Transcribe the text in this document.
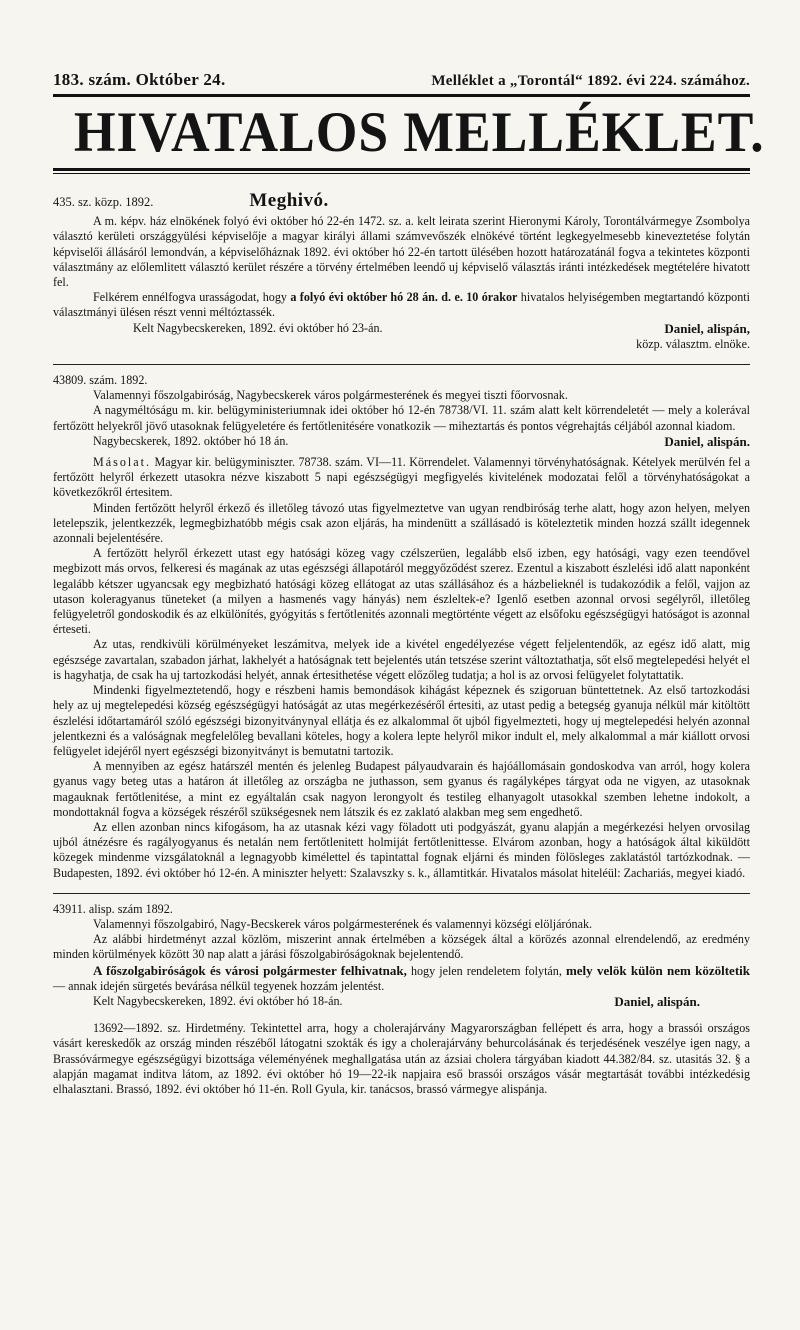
183. szám. Október 24.	Melléklet a „Torontál“ 1892. évi 224. számához.
HIVATALOS MELLÉKLET.
435. sz. közp. 1892.	Meghivó.

A m. képv. ház elnökének folyó évi október hó 22-én 1472. sz. a. kelt leirata szerint Hieronymi Károly, Torontálvármegye Zsombolya választó kerületi országgyülési képviselője a magyar királyi állami számvevőszék elnökévé történt legkegyelmesebb kineveztetése folytán képviselői állásáról lemondván, a képviselőháznak 1892. évi október hó 22-én tartott ülésében hozott határozatánál fogva a tekintetes központi választmány az előlemlitett választó kerület részére a törvény értelmében leendő uj képviselő választás iránti intézkedések megtételére hivatott fel.

Felkérem ennélfogva urasságodat, hogy a folyó évi október hó 28 án. d. e. 10 órakor hivatalos helyiségemben megtartandó központi választmányi ülésen részt venni méltóztassék.

Kelt Nagybecskereken, 1892. évi október hó 23-án.	Daniel, alispán,
közp. választm. elnöke.

43809. szám. 1892.

Valamennyi főszolgabiróság, Nagybecskerek város polgármesterének és megyei tiszti főorvosnak.

A nagyméltóságu m. kir. belügyministeriumnak idei október hó 12-én 78738/VI. 11. szám alatt kelt körrendeletét — mely a kolerával fertőzött helyekről jövő utasoknak felügyeletére és fertőtlenitésére vonatkozik — miheztartás és pontos végrehajtás céljából azonnal kiadom.

Nagybecskerek, 1892. október hó 18 án.	Daniel, alispán.

Másolat. Magyar kir. belügyminiszter. 78738. szám. VI—11. Körrendelet. Valamennyi törvényhatóságnak. Kételyek merülvén fel a fertőzött helyről érkezett utasokra nézve kiszabott 5 napi egészségügyi megfigyelés kivitelének modozatai felől a törvényhatóságokat a következőkről értesitem.

Minden fertőzött helyről érkező és illetőleg távozó utas figyelmeztetve van ugyan rendbiróság terhe alatt, hogy azon helyen, melyen letelepszik, jelentkezzék, legmegbizhatóbb mégis csak azon eljárás, ha mindenütt a szállásadó is köteleztetik minden hozzá szállt idegennek azonnali bejelentésére.

A fertőzött helyről érkezett utast egy hatósági közeg vagy czélszerüen, legalább első izben, egy hatósági, vagy ezen teendővel megbizott más orvos, felkeresi és magának az utas egészségi állapotáról meggyőződést szerez. Ezentul a kiszabott észlelési idő alatt naponként legalább kétszer ugyancsak egy megbizható hatósági közeg ellátogat az utas szállásához és a házbelieknél is tudakozódik a felől, vajjon az utason koleragyanus tüneteket (a milyen a hasmenés vagy hányás) nem észleltek-e? Igenlő esetben azonnal orvosi segélyről, illetőleg felügyeletről gondoskodik és az elkülönítés, gyógyitás s fertőtlenités azonnali megtörténte végett az elsőfoku egészségügyi hatóságot is azonnal érteseti.

Az utas, rendkivüli körülményeket leszámitva, melyek ide a kivétel engedélyezése végett feljelentendők, az egész idő alatt, mig egészsége zavartalan, szabadon járhat, lakhelyét a hatóságnak tett bejelentés után tetszése szerint változtathatja, sőt első megtelepedési helyét el is hagyhatja, de csak ha uj tartozkodási helyét, annak értesithetése végett előzőleg tudatja; a hol is az orvosi felügyelet folytattatik.

Mindenki figyelmeztetendő, hogy e részbeni hamis bemondások kihágást képeznek és szigoruan büntettetnek. Az első tartozkodási hely az uj megtelepedési község egészségügyi hatóságát az utas megérkezéséről értesiti, az utast pedig a betegség gyanuja nélkül már kitöltött észlelési időtartamáról szóló egészségi bizonyitványnyal ellátja és ez alkalommal őt ujból figyelmezteti, hogy uj megtelepedési helyén azonnal jelentkezni és a valóságnak megfelelőleg bevallani köteles, hogy a kolera lepte helyről mikor indult el, mely alkalommal a már kiállott orvosi felügyelet idejéről nyert egészségi bizonyitványt is bemutatni tartozik.

A mennyiben az egész határszél mentén és jelenleg Budapest pályaudvarain és hajóállomásain gondoskodva van arról, hogy kolera gyanus vagy beteg utas a határon át illetőleg az országba ne juthasson, sem gyanus és ragályképes tárgyat oda ne vigyen, az utasoknak magauknak fertőtlenitése, a mint ez egyáltalán csak nagyon lerongyolt és testileg elhanyagolt utasokkal szemben lehetne indokolt, a mondottaknál fogva a községek részéről szükségesnek nem látszik és ez zaklató alakban meg sem engedhető.

Az ellen azonban nincs kifogásom, ha az utasnak kézi vagy föladott uti podgyászát, gyanu alapján a megérkezési helyen orvosilag ujból átnézésre és ragályogyanus és netalán nem fertőtlenitett holmiját fertőtlenittesse. Elvárom azonban, hogy a hatóságok által kiküldött közegek mindenme vizsgálatoknál a legnagyobb kimélettel és tapintattal fognak eljárni és minden fölösleges zaklatástól tartózkodnak. — Budapesten, 1892. évi október hó 12-én. A miniszter helyett: Szalavszky s. k., államtitkár. Hivatalos másolat hiteléül: Zachariás, megyei kiadó.

43911. alisp. szám 1892.

Valamennyi főszolgabiró, Nagy-Becskerek város polgármesterének és valamennyi községi elöljárónak.

Az alábbi hirdetményt azzal közlöm, miszerint annak értelmében a községek által a körözés azonnal elrendelendő, az eredmény minden körülmények között 30 nap alatt a járási főszolgabiróságoknak bejelentendő.

A főszolgabiróságok és városi polgármester felhivatnak, hogy jelen rendeletem folytán, mely velök külön nem közöltetik — annak idején sürgetés bevárása nélkül tegyenek hozzám jelentést.

Kelt Nagybecskereken, 1892. évi október hó 18-án.	Daniel, alispán.

13692—1892. sz. Hirdetmény. Tekintettel arra, hogy a cholerajárvány Magyarországban fellépett és arra, hogy a brassói országos vásárt kereskedők az ország minden részéből látogatni szokták és igy a cholerajárvány behurcolásának és terjedésének veszélye igen nagy, a Brassóvármegye egészségügyi bizottsága véleményének meghallgatása után az ázsiai cholera tárgyában kiadott 44.382/84. sz. utasitás 32. § a alapján magamat inditva látom, az 1892. évi október hó 19—22-ik napjaira eső brassói országos vásár megtartását további intézkedésig elhalasztani. Brassó, 1892. évi október hó 11-én. Roll Gyula, kir. tanácsos, brassó vármegye alispánja.
